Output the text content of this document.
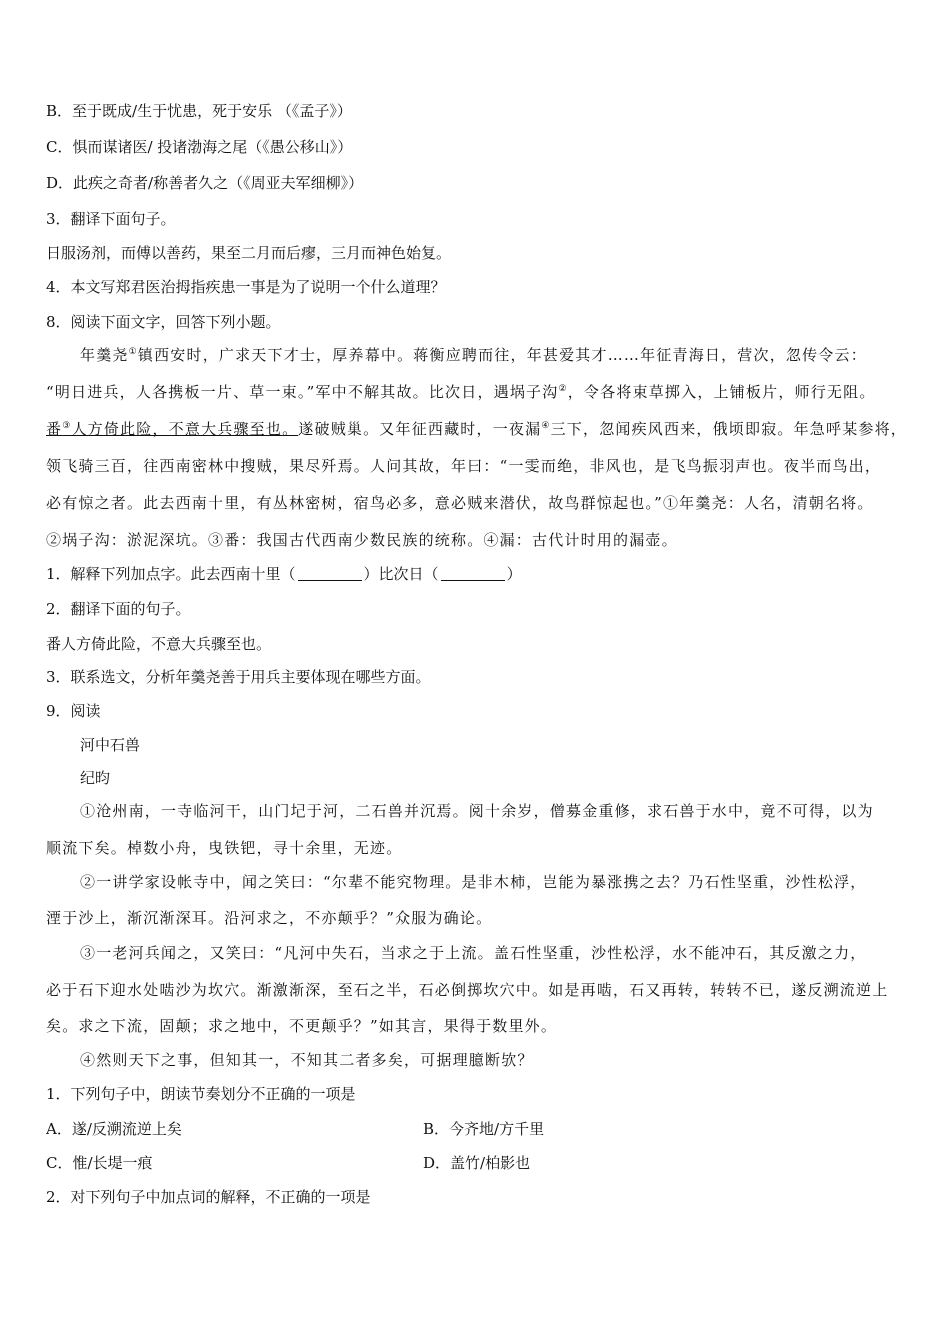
B．至于既成/生于忧患，死于安乐 （《孟子》）
C．惧而谋诸医/ 投诸渤海之尾（《愚公移山》）
D．此疾之奇者/称善者久之（《周亚夫军细柳》）
3．翻译下面句子。
日服汤剂，而傅以善药，果至二月而后瘳，三月而神色始复。
4．本文写郑君医治拇指疾患一事是为了说明一个什么道理？
8．阅读下面文字，回答下列小题。
年羹尧①镇西安时，广求天下才士，厚养幕中。蒋衡应聘而往，年甚爱其才……年征青海日，营次，忽传令云：
“明日进兵，人各携板一片、草一束。”军中不解其故。比次日，遇埚子沟②，令各将束草掷入，上铺板片，师行无阻。
番③人方倚此险，不意大兵骤至也。遂破贼巢。又年征西藏时，一夜漏④三下，忽闻疾风西来，俄顷即寂。年急呼某参将，
领飞骑三百，往西南密林中搜贼，果尽歼焉。人问其故，年曰：“一雯而绝，非风也，是飞鸟振羽声也。夜半而鸟出，
必有惊之者。此去西南十里，有丛林密树，宿鸟必多，意必贼来潜伏，故鸟群惊起也。”①年羹尧：人名，清朝名将。
②埚子沟：淤泥深坑。③番：我国古代西南少数民族的统称。④漏：古代计时用的漏壶。
1．解释下列加点字。此去西南十里（	）比次日（	）
2．翻译下面的句子。
番人方倚此险，不意大兵骤至也。
3．联系选文，分析年羹尧善于用兵主要体现在哪些方面。
9．阅读
河中石兽
纪昀
①沧州南，一寺临河干，山门圮于河，二石兽并沉焉。阅十余岁，僧募金重修，求石兽于水中，竟不可得，以为
顺流下矣。棹数小舟，曳铁钯，寻十余里，无迹。
②一讲学家设帐寺中，闻之笑曰：“尔辈不能究物理。是非木柿，岂能为暴涨携之去？乃石性坚重，沙性松浮，
湮于沙上，渐沉渐深耳。沿河求之，不亦颠乎？”众服为确论。
③一老河兵闻之，又笑曰：“凡河中失石，当求之于上流。盖石性坚重，沙性松浮，水不能冲石，其反激之力，
必于石下迎水处啮沙为坎穴。渐激渐深，至石之半，石必倒掷坎穴中。如是再啮，石又再转，转转不已，遂反溯流逆上
矣。求之下流，固颠；求之地中，不更颠乎？”如其言，果得于数里外。
④然则天下之事，但知其一，不知其二者多矣，可据理臆断欤？
1．下列句子中，朗读节奏划分不正确的一项是
A．遂/反溯流逆上矣	B．今齐地/方千里
C．惟/长堤一痕	D．盖竹/柏影也
2．对下列句子中加点词的解释，不正确的一项是
